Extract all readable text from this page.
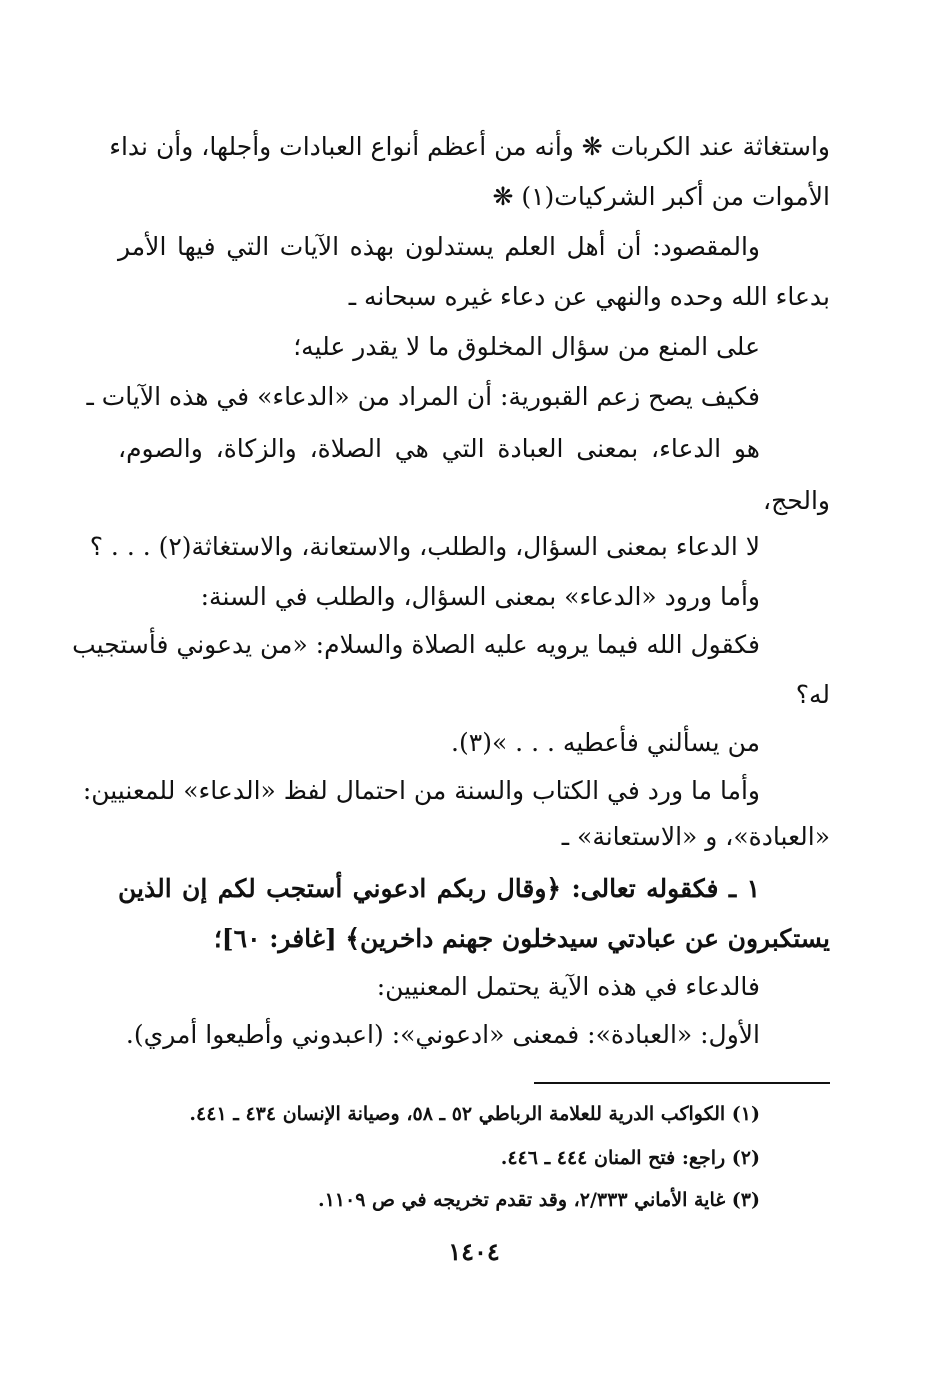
واستغاثة عند الكربات ❋ وأنه من أعظم أنواع العبادات وأجلها، وأن نداء
الأموات من أكبر الشركيات(١) ❋
والمقصود: أن أهل العلم يستدلون بهذه الآيات التي فيها الأمر
بدعاء الله وحده والنهي عن دعاء غيره سبحانه ـ
على المنع من سؤال المخلوق ما لا يقدر عليه؛
فكيف يصح زعم القبورية: أن المراد من «الدعاء» في هذه الآيات ـ
هو الدعاء، بمعنى العبادة التي هي الصلاة، والزكاة، والصوم،
والحج،
لا الدعاء بمعنى السؤال، والطلب، والاستعانة، والاستغاثة(٢) . . . ؟
وأما ورود «الدعاء» بمعنى السؤال، والطلب في السنة:
فكقول الله فيما يرويه عليه الصلاة والسلام: «من يدعوني فأستجيب
له؟
من يسألني فأعطيه . . . »(٣).
وأما ما ورد في الكتاب والسنة من احتمال لفظ «الدعاء» للمعنيين:
«العبادة»، و «الاستعانة» ـ
١ ـ فكقوله تعالى: ﴿وقال ربكم ادعوني أستجب لكم إن الذين
يستكبرون عن عبادتي سيدخلون جهنم داخرين﴾ [غافر: ٦٠]؛
فالدعاء في هذه الآية يحتمل المعنيين:
الأول: «العبادة»: فمعنى «ادعوني»: (اعبدوني وأطيعوا أمري).
(١) الكواكب الدرية للعلامة الرباطي ٥٢ ـ ٥٨، وصيانة الإنسان ٤٣٤ ـ ٤٤١.
(٢) راجع: فتح المنان ٤٤٤ ـ ٤٤٦.
(٣) غاية الأماني ٢/٣٣٣، وقد تقدم تخريجه في ص ١١٠٩.
١٤٠٤
